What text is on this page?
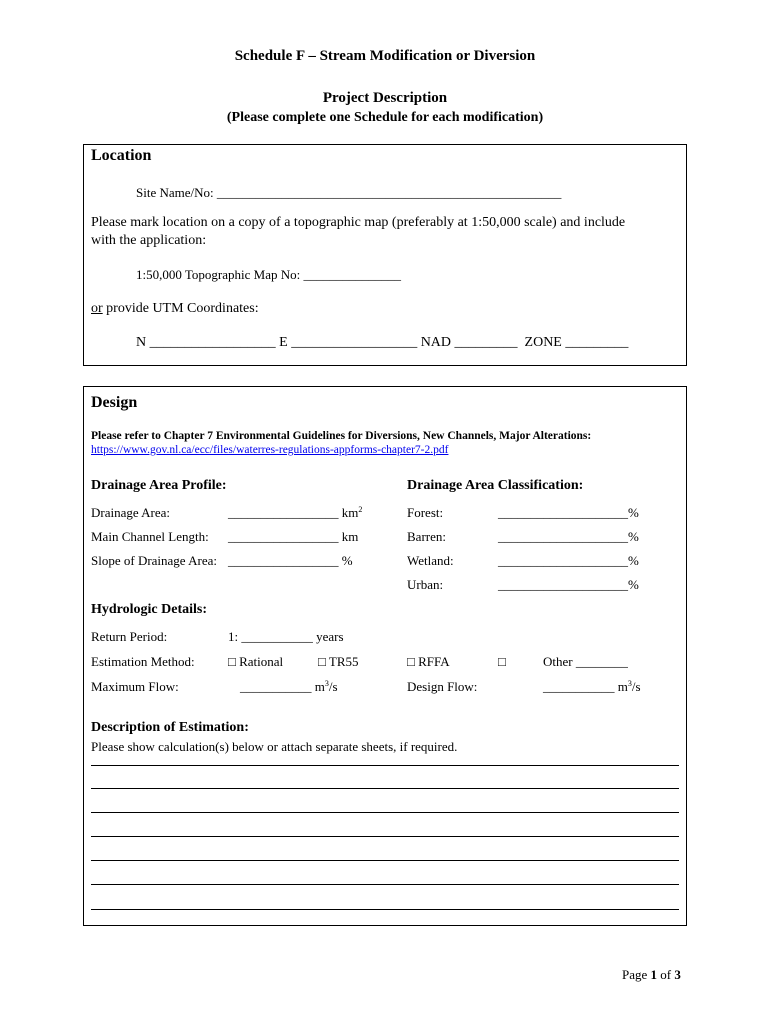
Schedule F – Stream Modification or Diversion
Project Description
(Please complete one Schedule for each modification)
Location
Site Name/No: _____________________________________________________
Please mark location on a copy of a topographic map (preferably at 1:50,000 scale) and include
with the application:
1:50,000 Topographic Map No: _______________
or provide UTM Coordinates:
N __________________ E __________________ NAD _________ ZONE _________
Design
Please refer to Chapter 7 Environmental Guidelines for Diversions, New Channels, Major Alterations:
https://www.gov.nl.ca/ecc/files/waterres-regulations-appforms-chapter7-2.pdf
Drainage Area Profile:	Drainage Area Classification:
Drainage Area:	_________________ $km^2$
Main Channel Length: _________________ km
Slope of Drainage Area: _________________ %
Forest:	____________________%
Barren:	____________________%
Wetland:	____________________%
Urban:	____________________%
Hydrologic Details:
Return Period:	1: ___________ years
Estimation Method:	□ Rational	□ TR55	□ RFFA	□	Other ________
Maximum Flow:	___________ $m^3/s$	Design Flow:	___________ $m^3/s$
Description of Estimation:
Please show calculation(s) below or attach separate sheets, if required.
Page 1 of 3
